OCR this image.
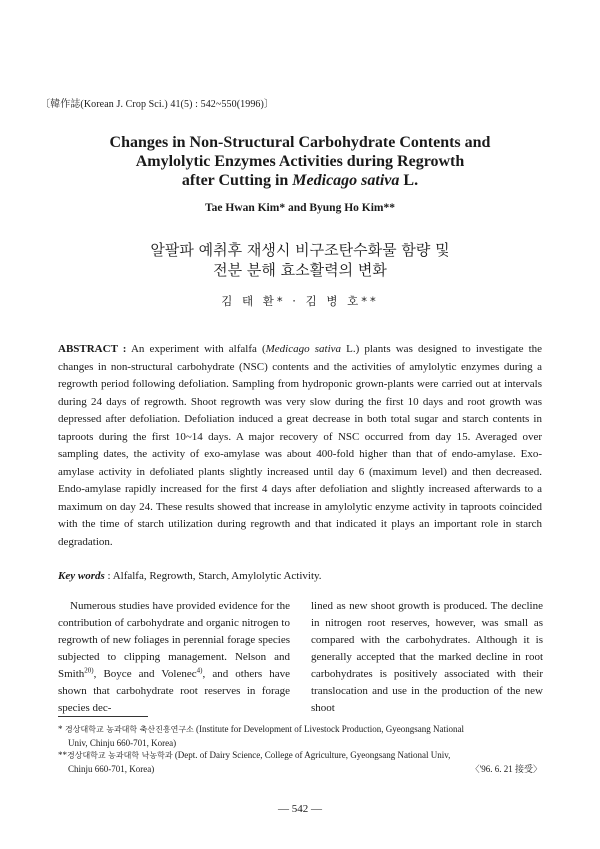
〔韓作誌(Korean J. Crop Sci.) 41(5) : 542~550(1996)〕
Changes in Non-Structural Carbohydrate Contents and
Amylolytic Enzymes Activities during Regrowth
after Cutting in Medicago sativa L.
Tae Hwan Kim* and Byung Ho Kim**
알팔파 예취후 재생시 비구조탄수화물 함량 및
전분 분해 효소활력의 변화
김 태 환* · 김 병 호**
ABSTRACT : An experiment with alfalfa (Medicago sativa L.) plants was designed to investigate the changes in non-structural carbohydrate (NSC) contents and the activities of amylolytic enzymes during a regrowth period following defoliation. Sampling from hydroponic grown-plants were carried out at intervals during 24 days of regrowth. Shoot regrowth was very slow during the first 10 days and root growth was depressed after defoliation. Defoliation induced a great decrease in both total sugar and starch contents in taproots during the first 10~14 days. A major recovery of NSC occurred from day 15. Averaged over sampling dates, the activity of exo-amylase was about 400-fold higher than that of endo-amylase. Exo-amylase activity in defoliated plants slightly increased until day 6 (maximum level) and then decreased. Endo-amylase rapidly increased for the first 4 days after defoliation and slightly increased afterwards to a maximum on day 24. These results showed that increase in amylolytic enzyme activity in taproots coincided with the time of starch utilization during regrowth and that indicated it plays an important role in starch degradation.
Key words : Alfalfa, Regrowth, Starch, Amylolytic Activity.
Numerous studies have provided evidence for the contribution of carbohydrate and organic nitrogen to regrowth of new foliages in perennial forage species subjected to clipping management. Nelson and Smith$^{20)}$, Boyce and Volenec$^{4)}$, and others have shown that carbohydrate root reserves in forage species dec-
lined as new shoot growth is produced. The decline in nitrogen root reserves, however, was small as compared with the carbohydrates. Although it is generally accepted that the marked decline in root carbohydrates is positively associated with their translocation and use in the production of the new shoot
* 경상대학교 농과대학 축산진흥연구소 (Institute for Development of Livestock Production, Gyeongsang National
Univ, Chinju 660-701, Korea)
**경상대학교 농과대학 낙농학과 (Dept. of Dairy Science, College of Agriculture, Gyeongsang National Univ,
Chinju 660-701, Korea)	〈'96. 6. 21 接受〉
— 542 —
